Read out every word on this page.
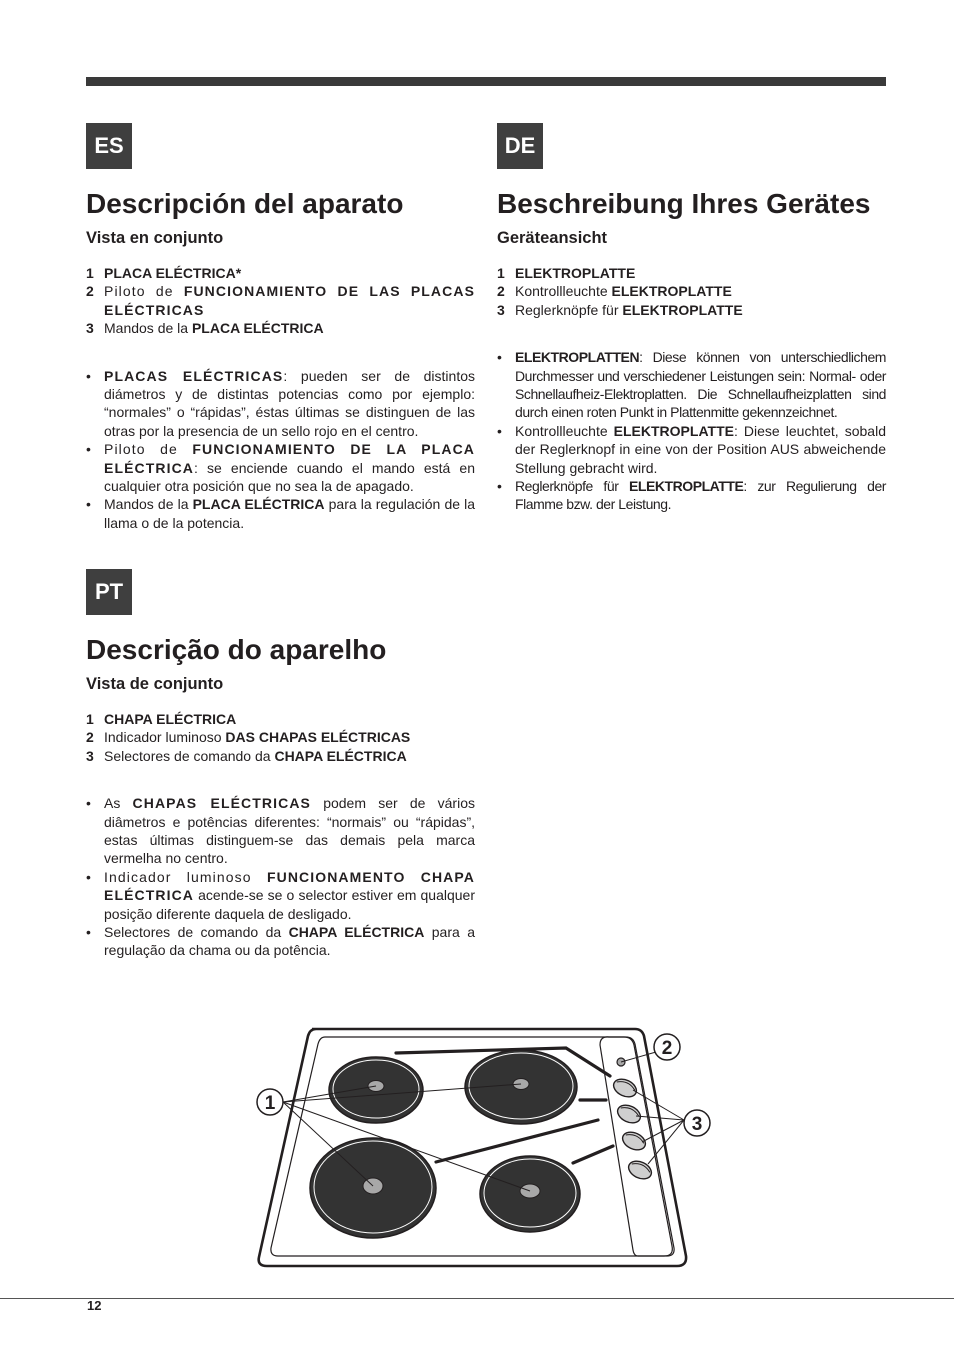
ES
Descripción del aparato
Vista en conjunto
1 PLACA ELÉCTRICA*
2 Piloto de FUNCIONAMIENTO DE LAS PLACAS ELÉCTRICAS
3 Mandos de la PLACA ELÉCTRICA
• PLACAS ELÉCTRICAS: pueden ser de distintos diámetros y de distintas potencias como por ejemplo: “normales” o “rápidas”, éstas últimas se distinguen de las otras por la presencia de un sello rojo en el centro.
• Piloto de FUNCIONAMIENTO DE LA PLACA ELÉCTRICA: se enciende cuando el mando está en cualquier otra posición que no sea la de apagado.
• Mandos de la PLACA ELÉCTRICA para la regulación de la llama o de la potencia.
DE
Beschreibung Ihres Gerätes
Geräteansicht
1 ELEKTROPLATTE
2 Kontrollleuchte ELEKTROPLATTE
3 Reglerknöpfe für ELEKTROPLATTE
• ELEKTROPLATTEN: Diese können von unterschiedlichem Durchmesser und verschiedener Leistungen sein: Normal- oder Schnellaufheiz-Elektroplatten. Die Schnellaufheizplatten sind durch einen roten Punkt in Plattenmitte gekennzeichnet.
• Kontrollleuchte ELEKTROPLATTE: Diese leuchtet, sobald der Reglerknopf in eine von der Position AUS abweichende Stellung gebracht wird.
• Reglerknöpfe für ELEKTROPLATTE: zur Regulierung der Flamme bzw. der Leistung.
PT
Descrição do aparelho
Vista de conjunto
1 CHAPA ELÉCTRICA
2 Indicador luminoso DAS CHAPAS ELÉCTRICAS
3 Selectores de comando da CHAPA ELÉCTRICA
• As CHAPAS ELÉCTRICAS podem ser de vários diâmetros e potências diferentes: “normais” ou “rápidas”, estas últimas distinguem-se das demais pela marca vermelha no centro.
• Indicador luminoso FUNCIONAMENTO CHAPA ELÉCTRICA acende-se se o selector estiver em qualquer posição diferente daquela de desligado.
• Selectores de comando da CHAPA ELÉCTRICA para a regulação da chama ou da potência.
1
2
3
12
